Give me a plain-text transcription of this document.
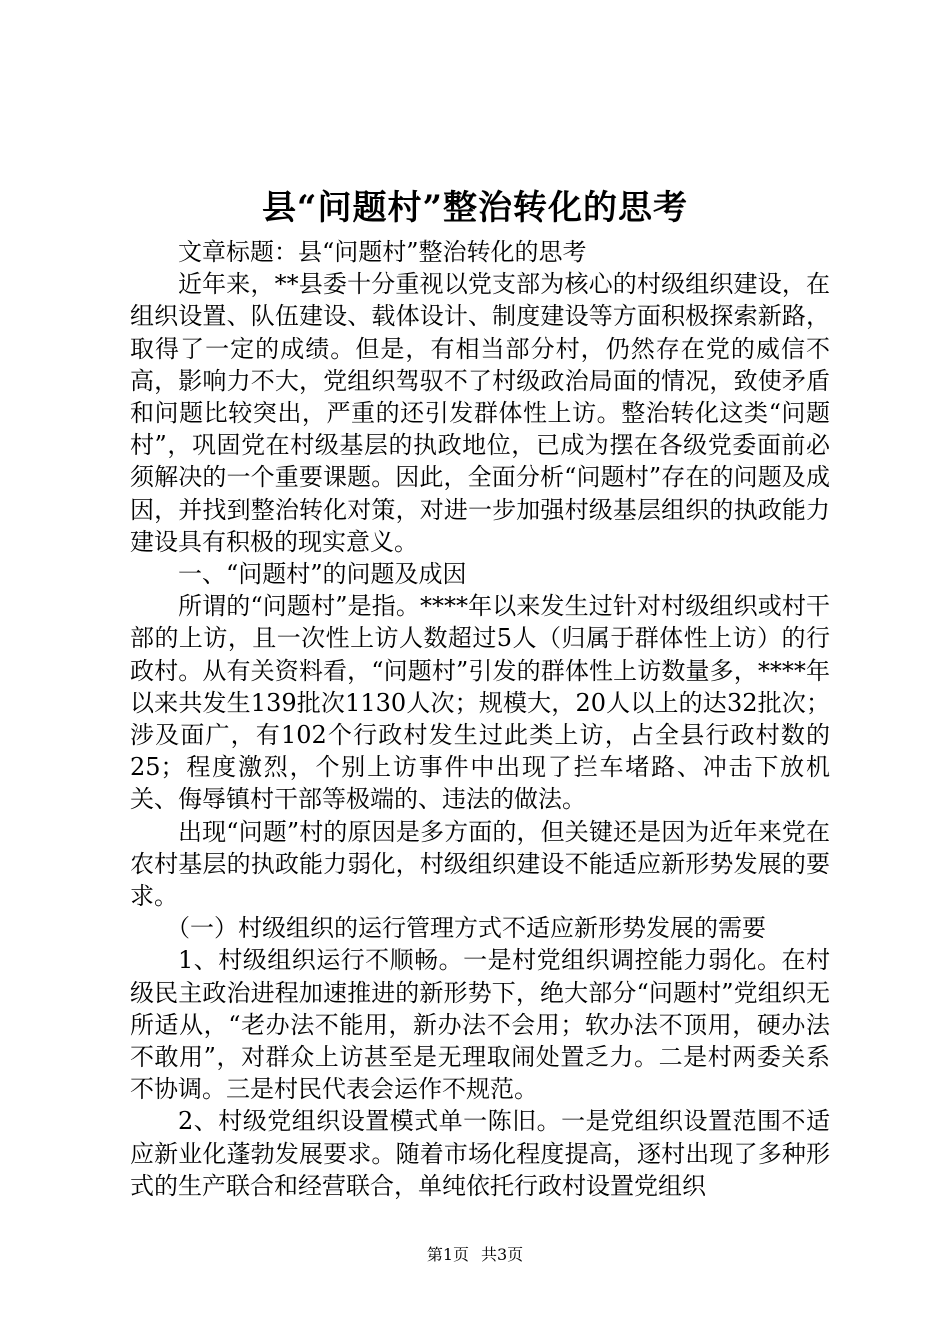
县“问题村”整治转化的思考

文章标题：县“问题村”整治转化的思考

近年来，**县委十分重视以党支部为核心的村级组织建设，在组织设置、队伍建设、载体设计、制度建设等方面积极探索新路，取得了一定的成绩。但是，有相当部分村，仍然存在党的威信不高，影响力不大，党组织驾驭不了村级政治局面的情况，致使矛盾和问题比较突出，严重的还引发群体性上访。整治转化这类“问题村”，巩固党在村级基层的执政地位，已成为摆在各级党委面前必须解决的一个重要课题。因此，全面分析“问题村”存在的问题及成因，并找到整治转化对策，对进一步加强村级基层组织的执政能力建设具有积极的现实意义。

一、“问题村”的问题及成因

所谓的“问题村”是指。****年以来发生过针对村级组织或村干部的上访，且一次性上访人数超过5人（归属于群体性上访）的行政村。从有关资料看，“问题村”引发的群体性上访数量多，****年以来共发生139批次1130人次；规模大，20人以上的达32批次；涉及面广，有102个行政村发生过此类上访，占全县行政村数的25；程度激烈，个别上访事件中出现了拦车堵路、冲击下放机关、侮辱镇村干部等极端的、违法的做法。

出现“问题”村的原因是多方面的，但关键还是因为近年来党在农村基层的执政能力弱化，村级组织建设不能适应新形势发展的要求。

（一）村级组织的运行管理方式不适应新形势发展的需要

1、村级组织运行不顺畅。一是村党组织调控能力弱化。在村级民主政治进程加速推进的新形势下，绝大部分“问题村”党组织无所适从，“老办法不能用，新办法不会用；软办法不顶用，硬办法不敢用”，对群众上访甚至是无理取闹处置乏力。二是村两委关系不协调。三是村民代表会运作不规范。

2、村级党组织设置模式单一陈旧。一是党组织设置范围不适应新业化蓬勃发展要求。随着市场化程度提高，逐村出现了多种形式的生产联合和经营联合，单纯依托行政村设置党组织

第1页 共3页
